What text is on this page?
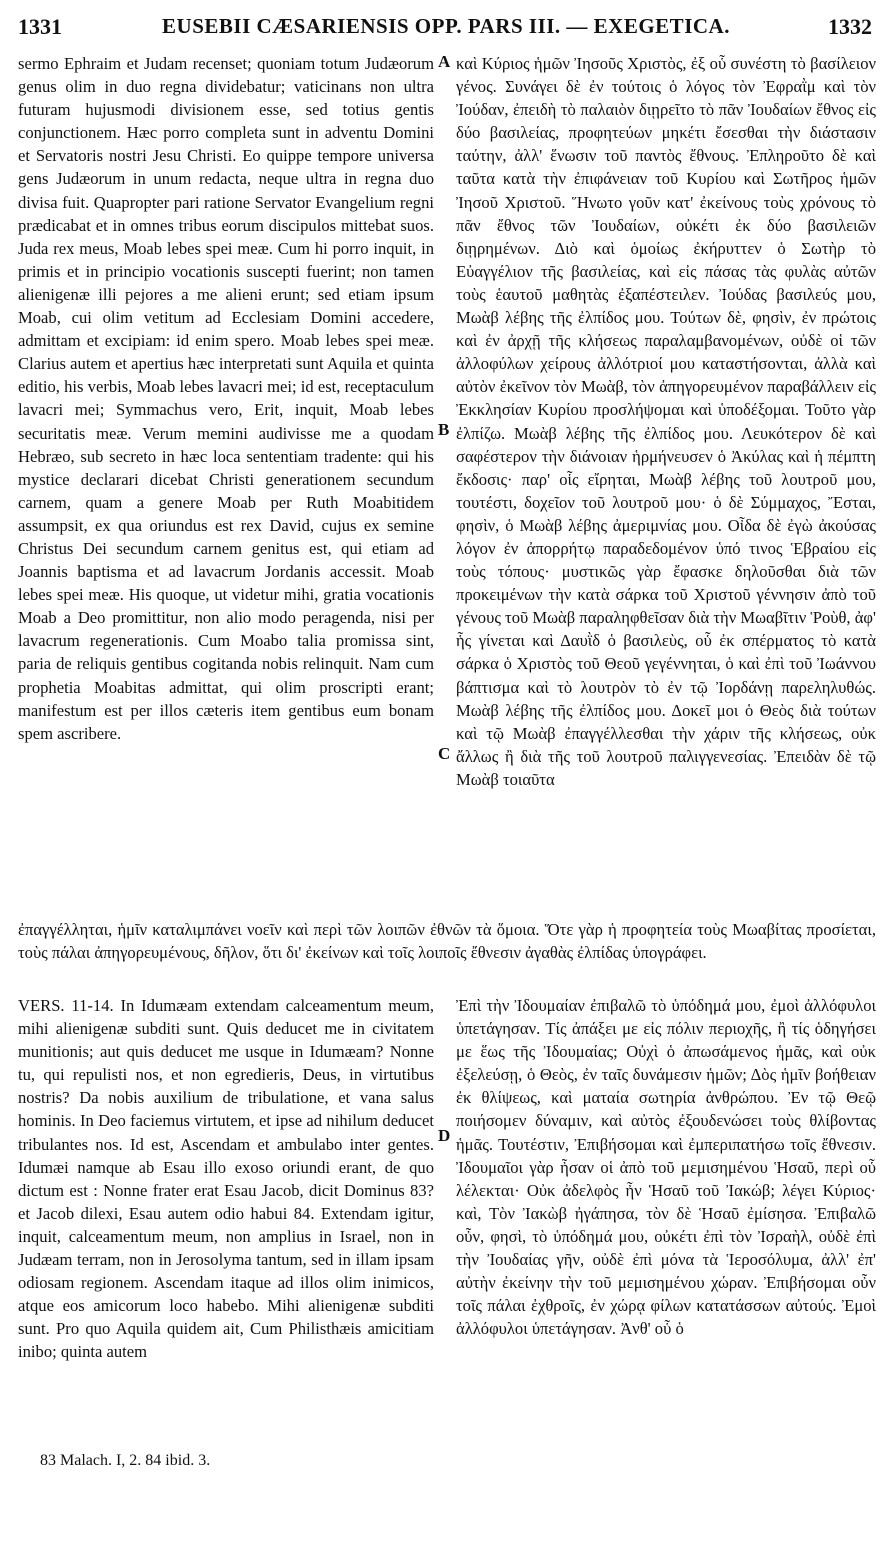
1331	EUSEBII CÆSARIENSIS OPP. PARS III. — EXEGETICA.	1332

sermo Ephraim et Judam recenset; quoniam totum Judæorum genus olim in duo regna dividebatur; vaticinans non ultra futuram hujusmodi divisionem esse, sed totius gentis conjunctionem. Hæc porro completa sunt in adventu Domini et Servatoris nostri Jesu Christi. Eo quippe tempore universa gens Judæorum in unum redacta, neque ultra in regna duo divisa fuit. Quapropter pari ratione Servator Evangelium regni prædicabat et in omnes tribus eorum discipulos mittebat suos. Juda rex meus, Moab lebes spei meæ. Cum hi porro inquit, in primis et in principio vocationis suscepti fuerint; non tamen alienigenæ illi pejores a me alieni erunt; sed etiam ipsum Moab, cui olim vetitum ad Ecclesiam Domini accedere, admittam et excipiam: id enim spero. Moab lebes spei meæ. Clarius autem et apertius hæc interpretati sunt Aquila et quinta editio, his verbis, Moab lebes lavacri mei; id est, receptaculum lavacri mei; Symmachus vero, Erit, inquit, Moab lebes securitatis meæ. Verum memini audivisse me a quodam Hebræo, sub secreto in hæc loca sententiam tradente: qui his mystice declarari dicebat Christi generationem secundum carnem, quam a genere Moab per Ruth Moabitidem assumpsit, ex qua oriundus est rex David, cujus ex semine Christus Dei secundum carnem genitus est, qui etiam ad Joannis baptisma et ad lavacrum Jordanis accessit. Moab lebes spei meæ. His quoque, ut videtur mihi, gratia vocationis Moab a Deo promittitur, non alio modo peragenda, nisi per lavacrum regenerationis. Cum Moabo talia promissa sint, paria de reliquis gentibus cogitanda nobis relinquit. Nam cum prophetia Moabitas admittat, qui olim proscripti erant; manifestum est per illos cæteris item gentibus eum bonam spem ascribere.

καὶ Κύριος ἡμῶν Ἰησοῦς Χριστὸς, ἐξ οὗ συνέστη τὸ βασίλειον γένος. Συνάγει δὲ ἐν τούτοις ὁ λόγος τὸν Ἐφραῒμ καὶ τὸν Ἰούδαν, ἐπειδὴ τὸ παλαιὸν διῃρεῖτο τὸ πᾶν Ἰουδαίων ἔθνος εἰς δύο βασιλείας, προφητεύων μηκέτι ἔσεσθαι τὴν διάστασιν ταύτην, ἀλλ' ἕνωσιν τοῦ παντὸς ἔθνους. Ἐπληροῦτο δὲ καὶ ταῦτα κατὰ τὴν ἐπιφάνειαν τοῦ Κυρίου καὶ Σωτῆρος ἡμῶν Ἰησοῦ Χριστοῦ. Ἥνωτο γοῦν κατ' ἐκείνους τοὺς χρόνους τὸ πᾶν ἔθνος τῶν Ἰουδαίων, οὐκέτι ἐκ δύο βασιλειῶν διῃρημένων. Διὸ καὶ ὁμοίως ἐκήρυττεν ὁ Σωτὴρ τὸ Εὐαγγέλιον τῆς βασιλείας, καὶ εἰς πάσας τὰς φυλὰς αὐτῶν τοὺς ἑαυτοῦ μαθητὰς ἐξαπέστειλεν. Ἰούδας βασιλεύς μου, Μωὰβ λέβης τῆς ἐλπίδος μου. Τούτων δὲ, φησὶν, ἐν πρώτοις καὶ ἐν ἀρχῇ τῆς κλήσεως παραλαμβανομένων, οὐδὲ οἱ τῶν ἀλλοφύλων χείρους ἀλλότριοί μου καταστήσονται, ἀλλὰ καὶ αὐτὸν ἐκεῖνον τὸν Μωὰβ, τὸν ἀπηγορευμένον παραβάλλειν εἰς Ἐκκλησίαν Κυρίου προσλήψομαι καὶ ὑποδέξομαι. Τοῦτο γὰρ ἐλπίζω. Μωὰβ λέβης τῆς ἐλπίδος μου. Λευκότερον δὲ καὶ σαφέστερον τὴν διάνοιαν ἡρμήνευσεν ὁ Ἀκύλας καὶ ἡ πέμπτη ἔκδοσις· παρ' οἷς εἴρηται, Μωὰβ λέβης τοῦ λουτροῦ μου, τουτέστι, δοχεῖον τοῦ λουτροῦ μου· ὁ δὲ Σύμμαχος, Ἔσται, φησὶν, ὁ Μωὰβ λέβης ἀμεριμνίας μου. Οἶδα δὲ ἐγὼ ἀκούσας λόγον ἐν ἀπορρήτῳ παραδεδομένον ὑπό τινος Ἑβραίου εἰς τοὺς τόπους· μυστικῶς γὰρ ἔφασκε δηλοῦσθαι διὰ τῶν προκειμένων τὴν κατὰ σάρκα τοῦ Χριστοῦ γέννησιν ἀπὸ τοῦ γένους τοῦ Μωὰβ παραληφθεῖσαν διὰ τὴν Μωαβῖτιν Ῥοὺθ, ἀφ' ἧς γίνεται καὶ Δαυῒδ ὁ βασιλεὺς, οὗ ἐκ σπέρματος τὸ κατὰ σάρκα ὁ Χριστὸς τοῦ Θεοῦ γεγέννηται, ὁ καὶ ἐπὶ τοῦ Ἰωάννου βάπτισμα καὶ τὸ λουτρὸν τὸ ἐν τῷ Ἰορδάνῃ παρεληλυθώς. Μωὰβ λέβης τῆς ἐλπίδος μου. Δοκεῖ μοι ὁ Θεὸς διὰ τούτων καὶ τῷ Μωὰβ ἐπαγγέλλεσθαι τὴν χάριν τῆς κλήσεως, οὐκ ἄλλως ἢ διὰ τῆς τοῦ λουτροῦ παλιγγενεσίας. Ἐπειδὰν δὲ τῷ Μωὰβ τοιαῦτα

A
B
C
D

ἐπαγγέλληται, ἡμῖν καταλιμπάνει νοεῖν καὶ περὶ τῶν λοιπῶν ἐθνῶν τὰ ὅμοια. Ὅτε γὰρ ἡ προφητεία τοὺς Μωαβίτας προσίεται, τοὺς πάλαι ἀπηγορευμένους, δῆλον, ὅτι δι' ἐκείνων καὶ τοῖς λοιποῖς ἔθνεσιν ἀγαθὰς ἐλπίδας ὑπογράφει.

VERS. 11-14. In Idumæam extendam calceamentum meum, mihi alienigenæ subditi sunt. Quis deducet me in civitatem munitionis; aut quis deducet me usque in Idumæam? Nonne tu, qui repulisti nos, et non egredieris, Deus, in virtutibus nostris? Da nobis auxilium de tribulatione, et vana salus hominis. In Deo faciemus virtutem, et ipse ad nihilum deducet tribulantes nos. Id est, Ascendam et ambulabo inter gentes. Idumæi namque ab Esau illo exoso oriundi erant, de quo dictum est : Nonne frater erat Esau Jacob, dicit Dominus 83? et Jacob dilexi, Esau autem odio habui 84. Extendam igitur, inquit, calceamentum meum, non amplius in Israel, non in Judæam terram, non in Jerosolyma tantum, sed in illam ipsam odiosam regionem. Ascendam itaque ad illos olim inimicos, atque eos amicorum loco habebo. Mihi alienigenæ subditi sunt. Pro quo Aquila quidem ait, Cum Philisthæis amicitiam inibo; quinta autem

Ἐπὶ τὴν Ἰδουμαίαν ἐπιβαλῶ τὸ ὑπόδημά μου, ἐμοὶ ἀλλόφυλοι ὑπετάγησαν. Τίς ἀπάξει με εἰς πόλιν περιοχῆς, ἢ τίς ὁδηγήσει με ἕως τῆς Ἰδουμαίας; Οὐχὶ ὁ ἀπωσάμενος ἡμᾶς, καὶ οὐκ ἐξελεύσῃ, ὁ Θεὸς, ἐν ταῖς δυνάμεσιν ἡμῶν; Δὸς ἡμῖν βοήθειαν ἐκ θλίψεως, καὶ ματαία σωτηρία ἀνθρώπου. Ἐν τῷ Θεῷ ποιήσομεν δύναμιν, καὶ αὐτὸς ἐξουδενώσει τοὺς θλίβοντας ἡμᾶς. Τουτέστιν, Ἐπιβήσομαι καὶ ἐμπεριπατήσω τοῖς ἔθνεσιν. Ἰδουμαῖοι γὰρ ἦσαν οἱ ἀπὸ τοῦ μεμισημένου Ἡσαῦ, περὶ οὗ λέλεκται· Οὐκ ἀδελφὸς ἦν Ἡσαῦ τοῦ Ἰακώβ; λέγει Κύριος· καὶ, Τὸν Ἰακὼβ ἠγάπησα, τὸν δὲ Ἡσαῦ ἐμίσησα. Ἐπιβαλῶ οὖν, φησὶ, τὸ ὑπόδημά μου, οὐκέτι ἐπὶ τὸν Ἰσραὴλ, οὐδὲ ἐπὶ τὴν Ἰουδαίας γῆν, οὐδὲ ἐπὶ μόνα τὰ Ἱεροσόλυμα, ἀλλ' ἐπ' αὐτὴν ἐκείνην τὴν τοῦ μεμισημένου χώραν. Ἐπιβήσομαι οὖν τοῖς πάλαι ἐχθροῖς, ἐν χώρᾳ φίλων κατατάσσων αὐτούς. Ἐμοὶ ἀλλόφυλοι ὑπετάγησαν. Ἀνθ' οὗ ὁ

83 Malach. I, 2. 84 ibid. 3.
